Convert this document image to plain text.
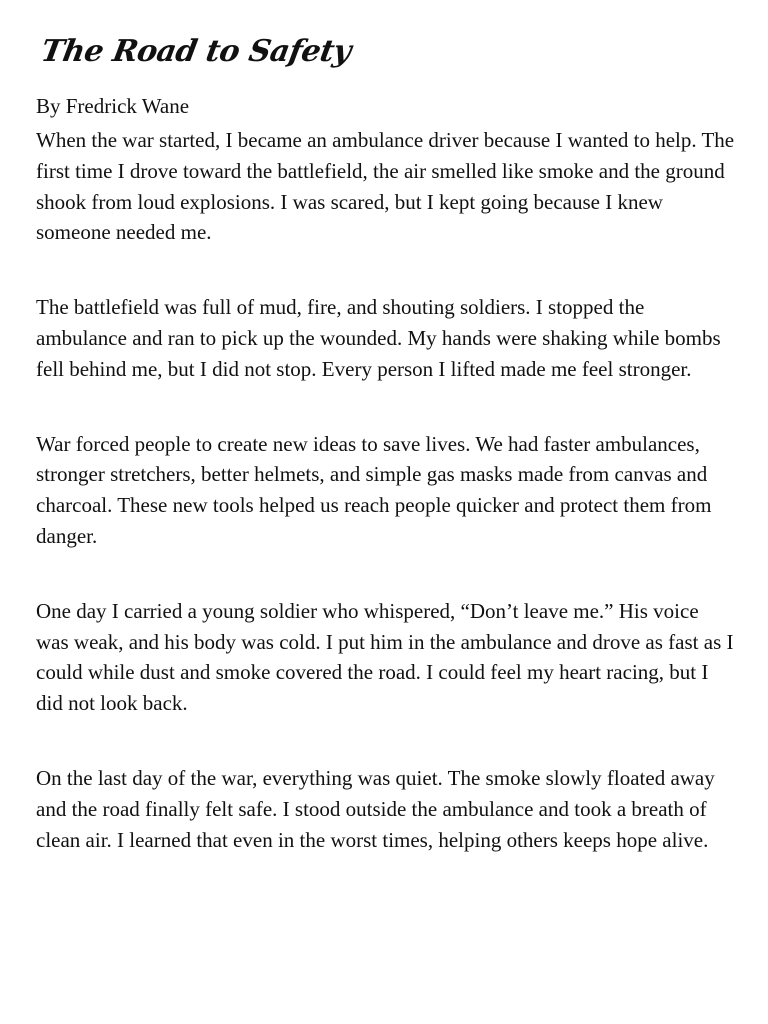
The Road to Safety
By Fredrick Wane

When the war started, I became an ambulance driver because I wanted to help. The first time I drove toward the battlefield, the air smelled like smoke and the ground shook from loud explosions. I was scared, but I kept going because I knew someone needed me.

The battlefield was full of mud, fire, and shouting soldiers. I stopped the ambulance and ran to pick up the wounded. My hands were shaking while bombs fell behind me, but I did not stop. Every person I lifted made me feel stronger.

War forced people to create new ideas to save lives. We had faster ambulances, stronger stretchers, better helmets, and simple gas masks made from canvas and charcoal. These new tools helped us reach people quicker and protect them from danger.

One day I carried a young soldier who whispered, “Don’t leave me.” His voice was weak, and his body was cold. I put him in the ambulance and drove as fast as I could while dust and smoke covered the road. I could feel my heart racing, but I did not look back.

On the last day of the war, everything was quiet. The smoke slowly floated away and the road finally felt safe. I stood outside the ambulance and took a breath of clean air. I learned that even in the worst times, helping others keeps hope alive.
